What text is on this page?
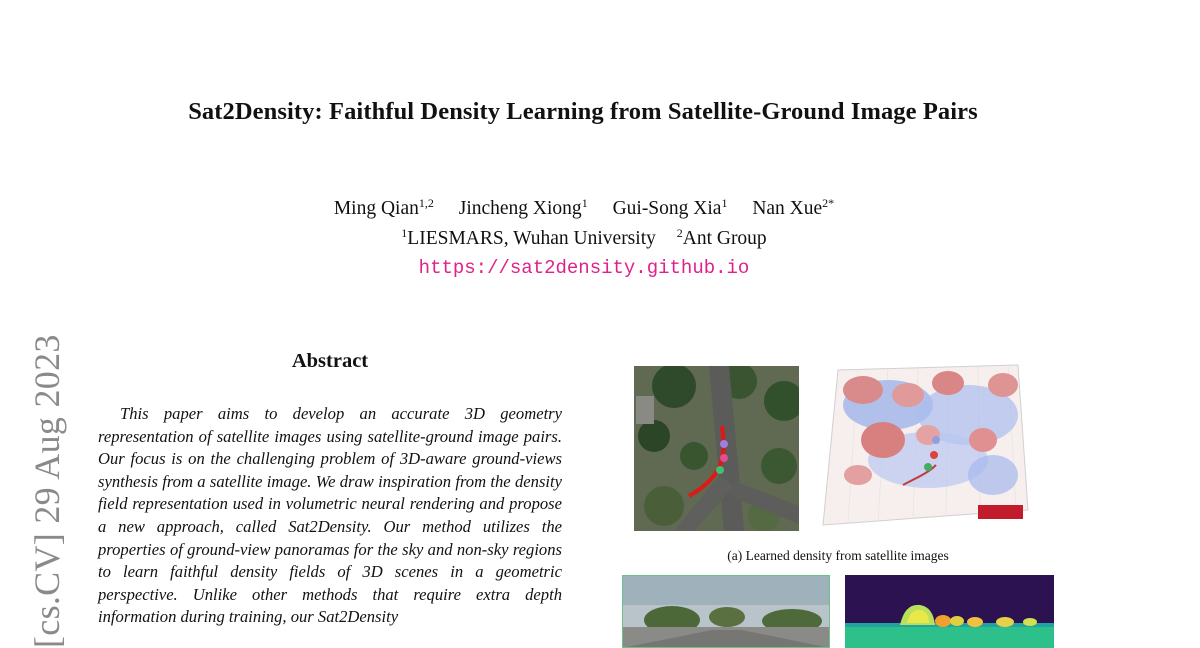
[cs.CV] 29 Aug 2023
Sat2Density: Faithful Density Learning from Satellite-Ground Image Pairs
Ming Qian$^{1,2}$ Jincheng Xiong$^1$ Gui-Song Xia$^1$ Nan Xue$^{2*}$
$^1$LIESMARS, Wuhan University $^2$Ant Group
https://sat2density.github.io
Abstract
This paper aims to develop an accurate 3D geometry representation of satellite images using satellite-ground image pairs. Our focus is on the challenging problem of 3D-aware ground-views synthesis from a satellite image. We draw inspiration from the density field representation used in volumetric neural rendering and propose a new approach, called Sat2Density. Our method utilizes the properties of ground-view panoramas for the sky and non-sky regions to learn faithful density fields of 3D scenes in a geometric perspective. Unlike other methods that require extra depth information during training, our Sat2Density
(a) Learned density from satellite images
